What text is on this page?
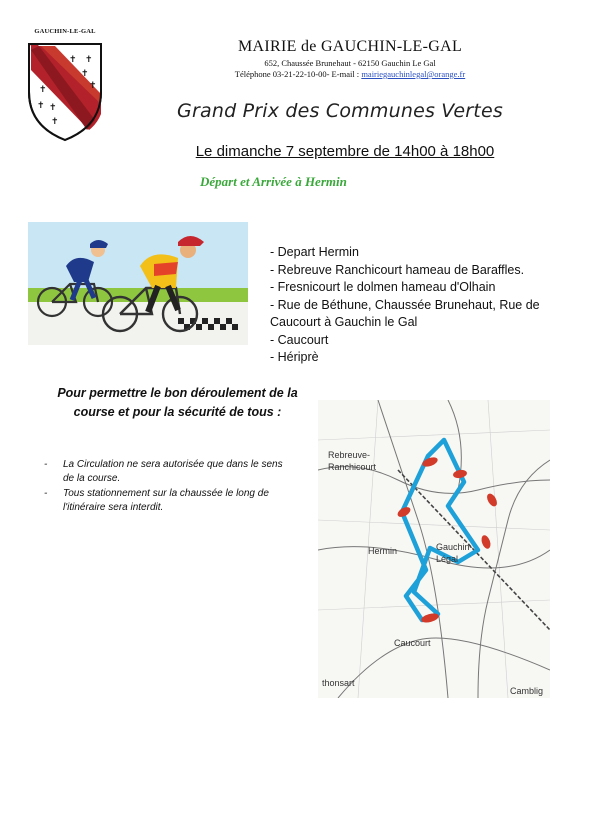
GAUCHIN-LE-GAL
✝ ✝
✝
✝
✝
✝ ✝
✝
MAIRIE de GAUCHIN-LE-GAL
652, Chaussée Brunehaut - 62150 Gauchin Le Gal
Téléphone 03-21-22-10-00- E-mail : mairiegauchinlegal@orange.fr
Grand Prix des Communes Vertes
Le dimanche 7 septembre de 14h00 à 18h00
Départ et Arrivée à Hermin
- Depart Hermin
- Rebreuve Ranchicourt hameau de Baraffles.
- Fresnicourt le dolmen hameau d'Olhain
- Rue de Béthune, Chaussée Brunehaut, Rue de Caucourt à Gauchin le Gal
- Caucourt
- Hériprè
Pour permettre le bon déroulement de la course et pour la sécurité de tous :
- La Circulation ne sera autorisée que dans le sens de la course.
- Tous stationnement sur la chaussée le long de l'itinéraire sera interdit.
Rebreuve-
Ranchicourt
Hermin	Gauchin-
Légal
Caucourt
thonsart
Camblig
